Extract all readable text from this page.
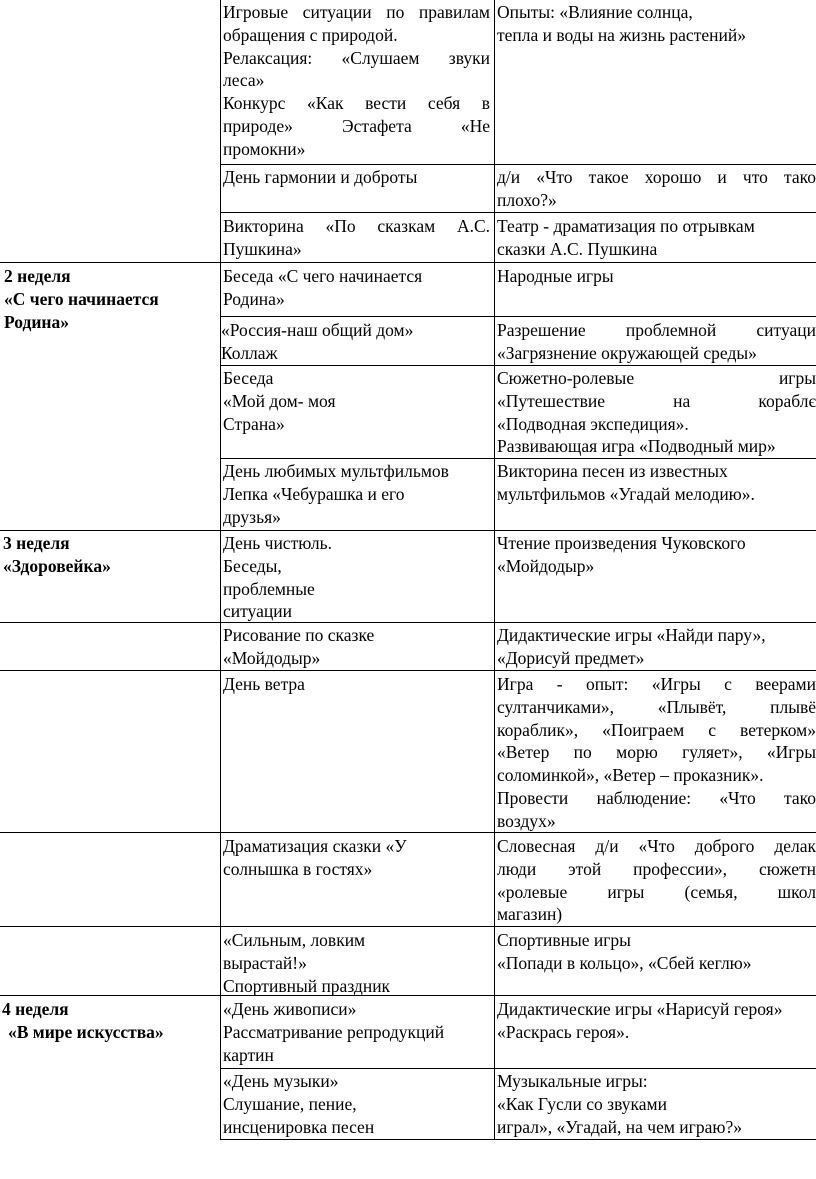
2 неделя
«С чего начинается
Родина»
3 неделя
«Здоровейка»
4 неделя
«В мире искусства»
Игровые ситуации по правилам
обращения с природой.
Релаксация: «Слушаем звуки
леса»
Конкурс «Как вести себя в
природе» Эстафета «Не
промокни»
День гармонии и доброты
Викторина «По сказкам А.С.
Пушкина»
Беседа «С чего начинается
Родина»
«Россия-наш общий дом»
Коллаж
Беседа
«Мой дом- моя
Страна»
День любимых мультфильмов
Лепка «Чебурашка и его
друзья»
День чистюль.
Беседы,
проблемные
ситуации
Рисование по сказке
«Мойдодыр»
День ветра
Драматизация сказки «У
солнышка в гостях»
«Сильным, ловким
вырастай!»
Спортивный праздник
«День живописи»
Рассматривание репродукций
картин
«День музыки»
Слушание, пение,
инсценировка песен
Опыты: «Влияние солнца,
тепла и воды на жизнь растений»
д/и «Что такое хорошо и что тако
плохо?»
Театр - драматизация по отрывкам
сказки А.С. Пушкина
Народные игры
Разрешение проблемной ситуаци
«Загрязнение окружающей среды»
Сюжетно-ролевые игры
«Путешествие на кораблє
«Подводная экспедиция».
Развивающая игра «Подводный мир»
Викторина песен из известных
мультфильмов «Угадай мелодию».
Чтение произведения Чуковского
«Мойдодыр»
Дидактические игры «Найди пару»,
«Дорисуй предмет»
Игра - опыт: «Игры с веерами
султанчиками», «Плывёт, плывё
кораблик», «Поиграем с ветерком»
«Ветер по морю гуляет», «Игры
соломинкой», «Ветер – проказник».
Провести наблюдение: «Что тако
воздух»
Словесная д/и «Что доброго делак
люди этой профессии», сюжетн
«ролевые игры (семья, школ
магазин)
Спортивные игры
«Попади в кольцо», «Сбей кеглю»
Дидактические игры «Нарисуй героя»
«Раскрась героя».
Музыкальные игры:
«Как Гусли со звуками
играл», «Угадай, на чем играю?»
